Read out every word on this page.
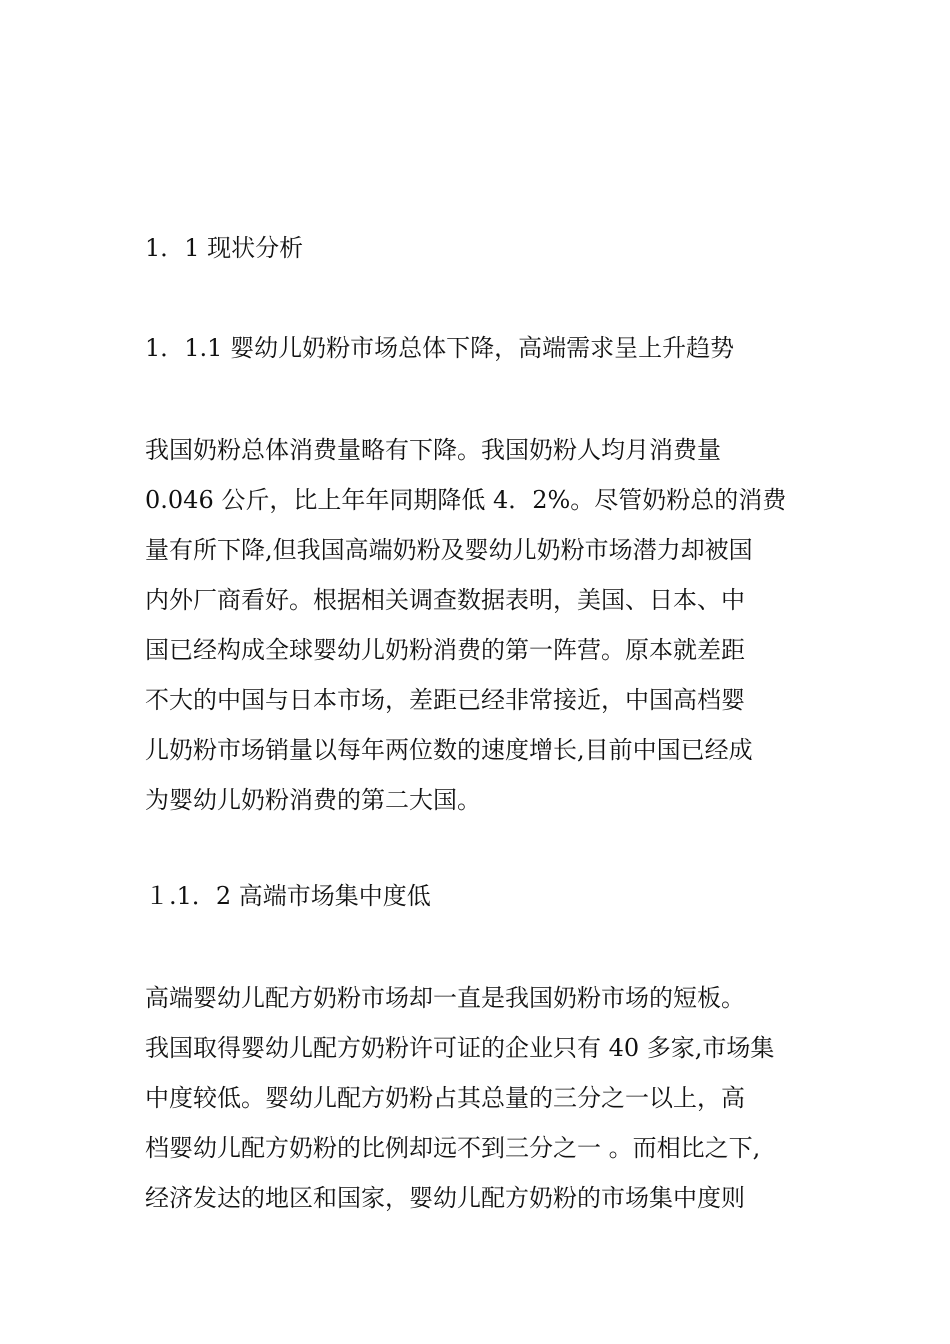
1．1 现状分析
1．1.1 婴幼儿奶粉市场总体下降，高端需求呈上升趋势
我国奶粉总体消费量略有下降。我国奶粉人均月消费量
0.046 公斤，比上年年同期降低 4．2%。尽管奶粉总的消费
量有所下降,但我国高端奶粉及婴幼儿奶粉市场潜力却被国
内外厂商看好。根据相关调查数据表明，美国、日本、中
国已经构成全球婴幼儿奶粉消费的第一阵营。原本就差距
不大的中国与日本市场，差距已经非常接近，中国高档婴
儿奶粉市场销量以每年两位数的速度增长,目前中国已经成
为婴幼儿奶粉消费的第二大国。
１.1．2 高端市场集中度低
高端婴幼儿配方奶粉市场却一直是我国奶粉市场的短板。
我国取得婴幼儿配方奶粉许可证的企业只有 40 多家,市场集
中度较低。婴幼儿配方奶粉占其总量的三分之一以上，高
档婴幼儿配方奶粉的比例却远不到三分之一 。而相比之下,
经济发达的地区和国家，婴幼儿配方奶粉的市场集中度则
